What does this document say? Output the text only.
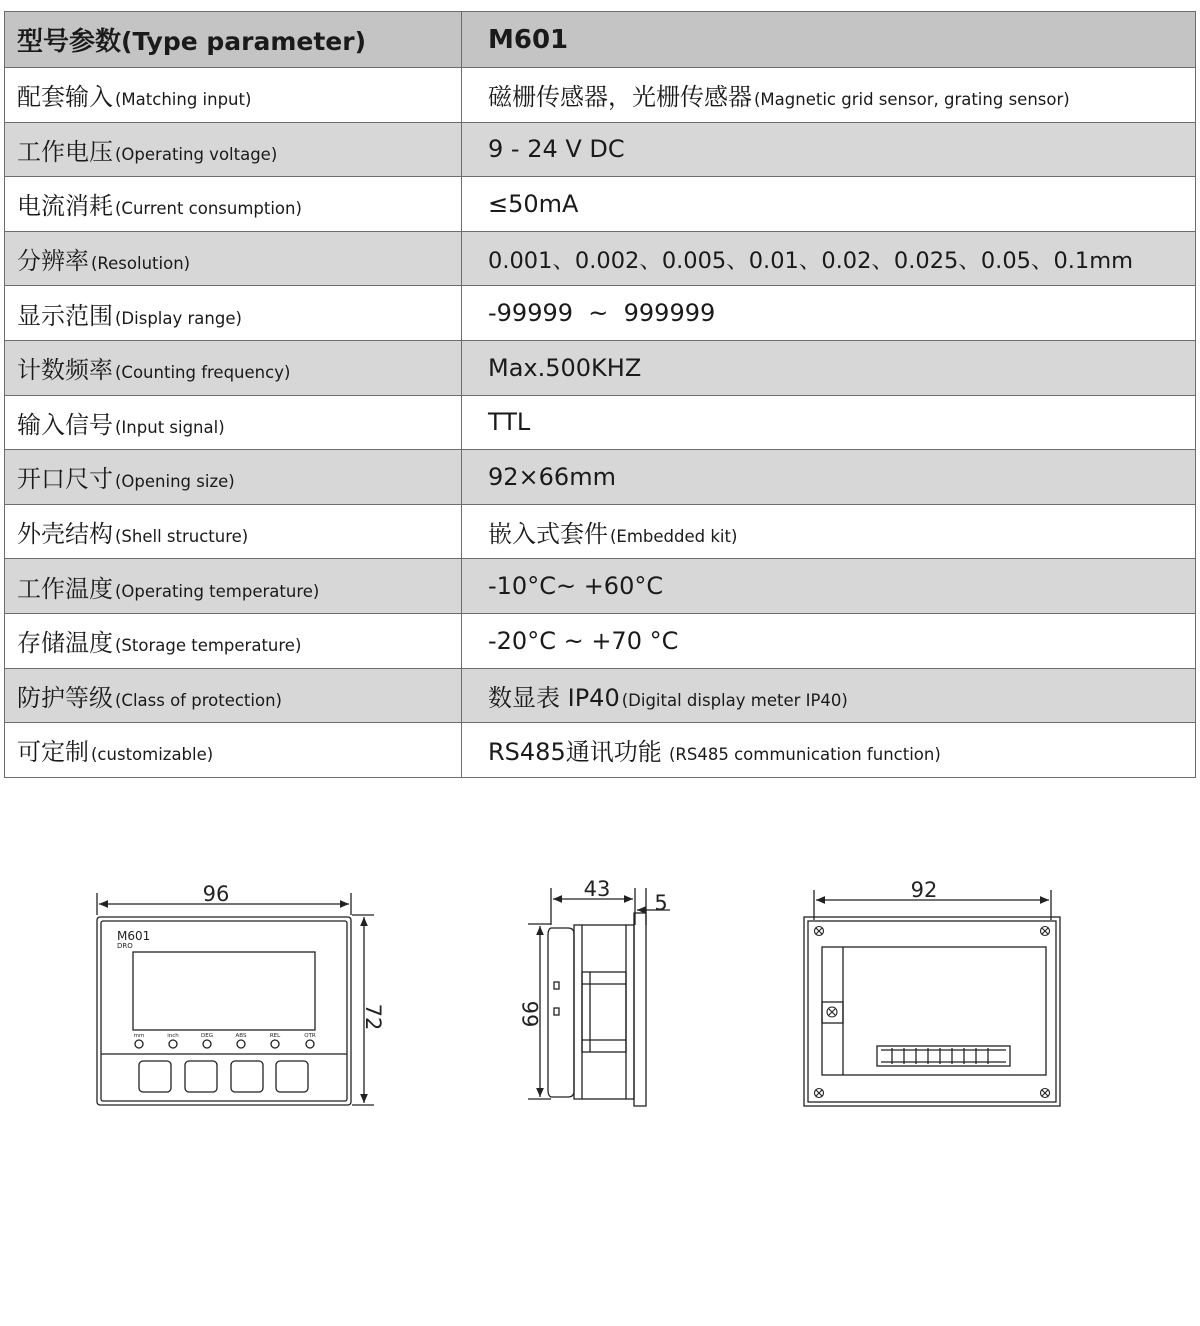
型号参数(Type parameter)	M601
配套输入 (Matching input)	磁栅传感器，光栅传感器 (Magnetic grid sensor, grating sensor)
工作电压 (Operating voltage)	9 - 24 V DC
电流消耗 (Current consumption)	≤50mA
分辨率 (Resolution)	0.001、0.002、0.005、0.01、0.02、0.025、0.05、0.1mm
显示范围 (Display range)	-99999  ~  999999
计数频率 (Counting frequency)	Max.500KHZ
输入信号 (Input signal)	TTL
开口尺寸 (Opening size)	92×66mm
外壳结构 (Shell structure)	嵌入式套件 (Embedded kit)
工作温度 (Operating temperature)	-10°C~ +60°C
存储温度 (Storage temperature)	-20°C ~ +70 °C
防护等级 (Class of protection)	数显表 IP40 (Digital display meter IP40)
可定制 (customizable)	RS485通讯功能 (RS485 communication function)
96
72
M601
DRO
mm	inch	DEG	ABS	REL	OTR
43
5
66
92
